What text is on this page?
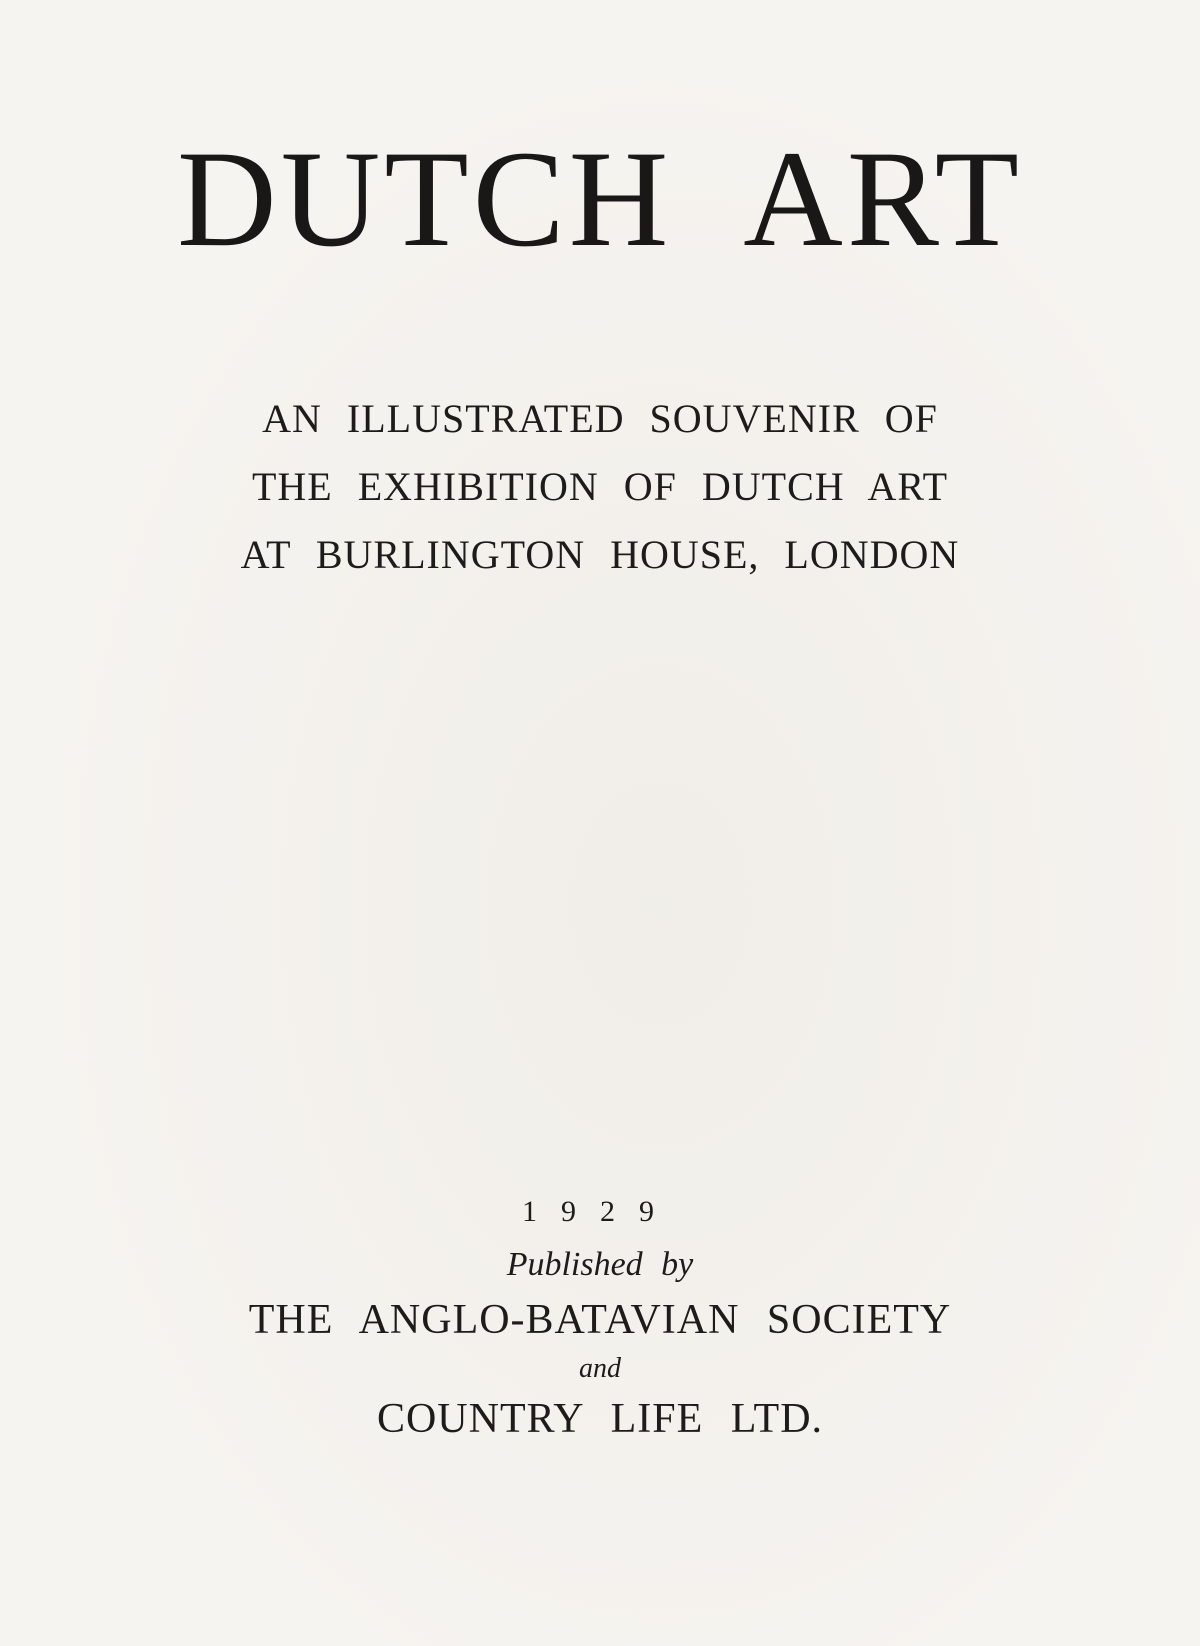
DUTCH ART
AN ILLUSTRATED SOUVENIR OF
THE EXHIBITION OF DUTCH ART
AT BURLINGTON HOUSE, LONDON
1929
Published by
THE ANGLO-BATAVIAN SOCIETY
and
COUNTRY LIFE LTD.
